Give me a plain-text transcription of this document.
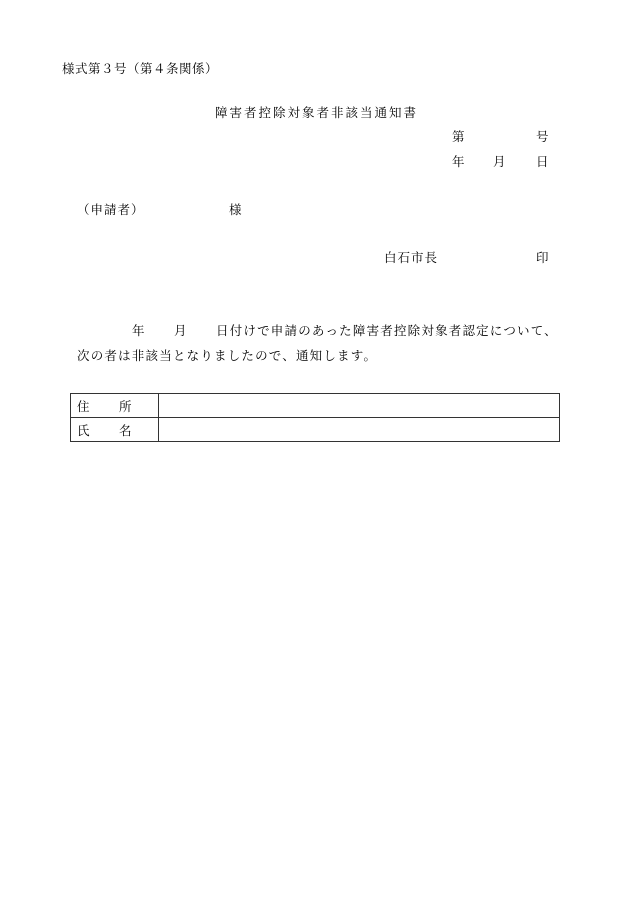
様式第３号（第４条関係）
障害者控除対象者非該当通知書
第	号
年 月 日
（申請者）	様
白石市長	印
年 月 日付けで申請のあった障害者控除対象者認定について、
次の者は非該当となりましたので、通知します。
住 所	
氏 名	
